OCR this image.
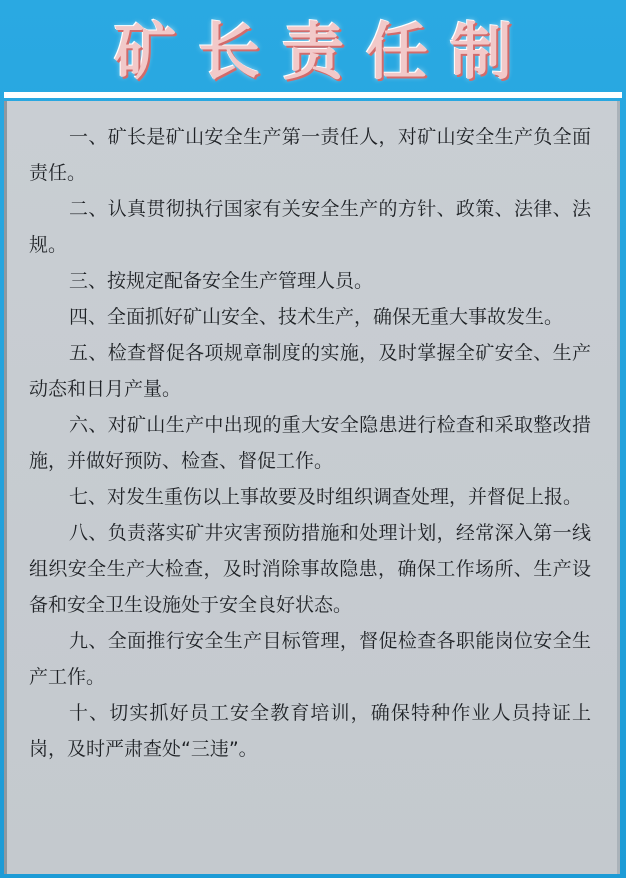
矿长责任制

一、矿长是矿山安全生产第一责任人，对矿山安全生产负全面责任。

二、认真贯彻执行国家有关安全生产的方针、政策、法律、法规。

三、按规定配备安全生产管理人员。

四、全面抓好矿山安全、技术生产，确保无重大事故发生。

五、检查督促各项规章制度的实施，及时掌握全矿安全、生产动态和日月产量。

六、对矿山生产中出现的重大安全隐患进行检查和采取整改措施，并做好预防、检查、督促工作。

七、对发生重伤以上事故要及时组织调查处理，并督促上报。

八、负责落实矿井灾害预防措施和处理计划，经常深入第一线组织安全生产大检查，及时消除事故隐患，确保工作场所、生产设备和安全卫生设施处于安全良好状态。

九、全面推行安全生产目标管理，督促检查各职能岗位安全生产工作。

十、切实抓好员工安全教育培训，确保特种作业人员持证上岗，及时严肃查处“三违”。
